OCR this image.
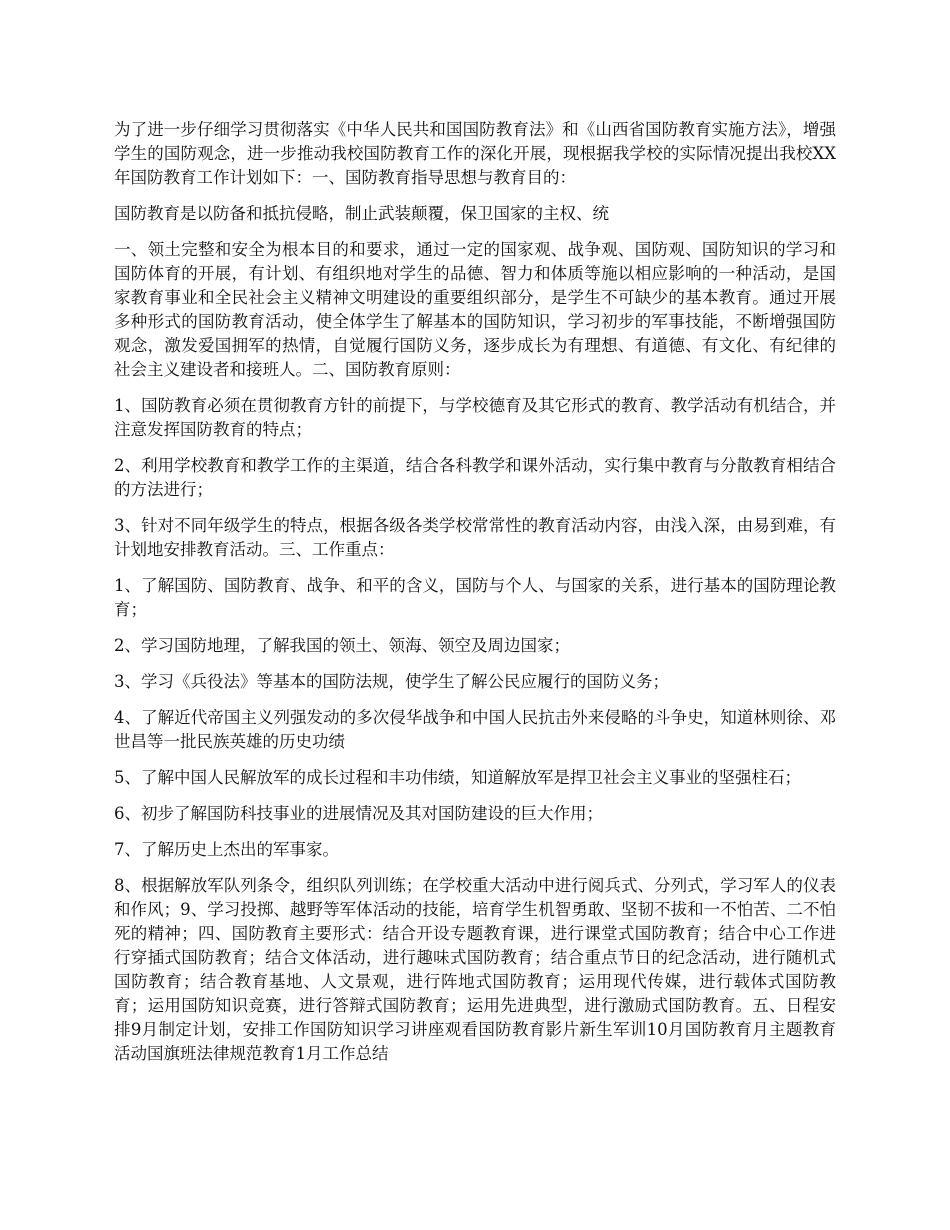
为了进一步仔细学习贯彻落实《中华人民共和国国防教育法》和《山西省国防教育实施方法》，增强学生的国防观念，进一步推动我校国防教育工作的深化开展，现根据我学校的实际情况提出我校XX年国防教育工作计划如下：一、国防教育指导思想与教育目的：

国防教育是以防备和抵抗侵略，制止武装颠覆，保卫国家的主权、统

一、领土完整和安全为根本目的和要求，通过一定的国家观、战争观、国防观、国防知识的学习和国防体育的开展，有计划、有组织地对学生的品德、智力和体质等施以相应影响的一种活动，是国家教育事业和全民社会主义精神文明建设的重要组织部分，是学生不可缺少的基本教育。通过开展多种形式的国防教育活动，使全体学生了解基本的国防知识，学习初步的军事技能，不断增强国防观念，激发爱国拥军的热情，自觉履行国防义务，逐步成长为有理想、有道德、有文化、有纪律的社会主义建设者和接班人。二、国防教育原则：

1、国防教育必须在贯彻教育方针的前提下，与学校德育及其它形式的教育、教学活动有机结合，并注意发挥国防教育的特点；

2、利用学校教育和教学工作的主渠道，结合各科教学和课外活动，实行集中教育与分散教育相结合的方法进行；

3、针对不同年级学生的特点，根据各级各类学校常常性的教育活动内容，由浅入深，由易到难，有计划地安排教育活动。三、工作重点：

1、了解国防、国防教育、战争、和平的含义，国防与个人、与国家的关系，进行基本的国防理论教育；

2、学习国防地理，了解我国的领土、领海、领空及周边国家；

3、学习《兵役法》等基本的国防法规，使学生了解公民应履行的国防义务；

4、了解近代帝国主义列强发动的多次侵华战争和中国人民抗击外来侵略的斗争史，知道林则徐、邓世昌等一批民族英雄的历史功绩

5、了解中国人民解放军的成长过程和丰功伟绩，知道解放军是捍卫社会主义事业的坚强柱石；

6、初步了解国防科技事业的进展情况及其对国防建设的巨大作用；

7、了解历史上杰出的军事家。

8、根据解放军队列条令，组织队列训练；在学校重大活动中进行阅兵式、分列式，学习军人的仪表和作风；9、学习投掷、越野等军体活动的技能，培育学生机智勇敢、坚韧不拔和一不怕苦、二不怕死的精神；四、国防教育主要形式：结合开设专题教育课，进行课堂式国防教育；结合中心工作进行穿插式国防教育；结合文体活动，进行趣味式国防教育；结合重点节日的纪念活动，进行随机式国防教育；结合教育基地、人文景观，进行阵地式国防教育；运用现代传媒，进行载体式国防教育；运用国防知识竞赛，进行答辩式国防教育；运用先进典型，进行激励式国防教育。五、日程安排9月制定计划，安排工作国防知识学习讲座观看国防教育影片新生军训10月国防教育月主题教育活动国旗班法律规范教育1月工作总结
